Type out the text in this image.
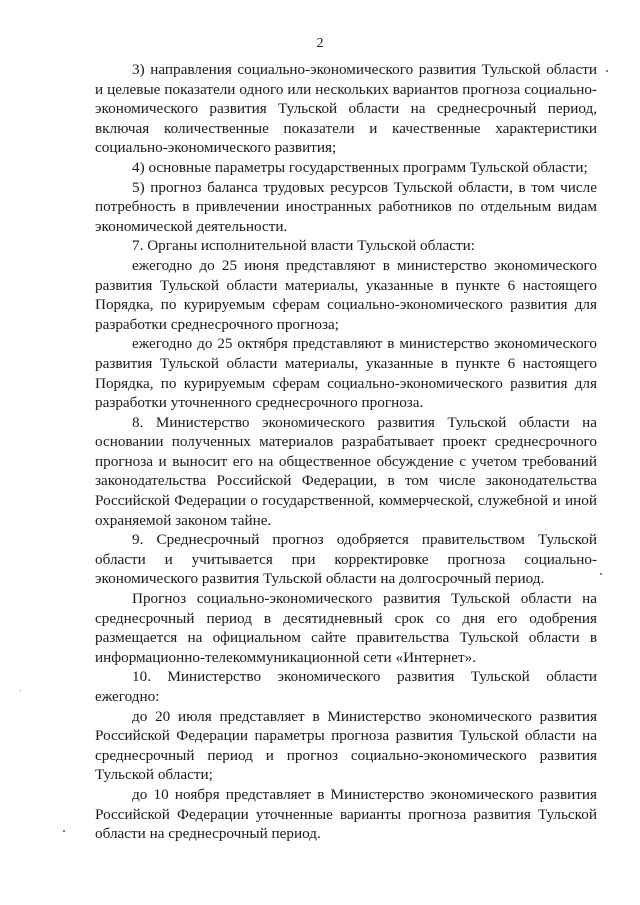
2

3) направления социально-экономического развития Тульской области и целевые показатели одного или нескольких вариантов прогноза социально-экономического развития Тульской области на среднесрочный период, включая количественные показатели и качественные характеристики социально-экономического развития;

4) основные параметры государственных программ Тульской области;

5) прогноз баланса трудовых ресурсов Тульской области, в том числе потребность в привлечении иностранных работников по отдельным видам экономической деятельности.

7. Органы исполнительной власти Тульской области:

ежегодно до 25 июня представляют в министерство экономического развития Тульской области материалы, указанные в пункте 6 настоящего Порядка, по курируемым сферам социально-экономического развития для разработки среднесрочного прогноза;

ежегодно до 25 октября представляют в министерство экономического развития Тульской области материалы, указанные в пункте 6 настоящего Порядка, по курируемым сферам социально-экономического развития для разработки уточненного среднесрочного прогноза.

8. Министерство экономического развития Тульской области на основании полученных материалов разрабатывает проект среднесрочного прогноза и выносит его на общественное обсуждение с учетом требований законодательства Российской Федерации, в том числе законодательства Российской Федерации о государственной, коммерческой, служебной и иной охраняемой законом тайне.

9. Среднесрочный прогноз одобряется правительством Тульской области и учитывается при корректировке прогноза социально-экономического развития Тульской области на долгосрочный период.

Прогноз социально-экономического развития Тульской области на среднесрочный период в десятидневный срок со дня его одобрения размещается на официальном сайте правительства Тульской области в информационно-телекоммуникационной сети «Интернет».

10. Министерство экономического развития Тульской области ежегодно:

до 20 июля представляет в Министерство экономического развития Российской Федерации параметры прогноза развития Тульской области на среднесрочный период и прогноз социально-экономического развития Тульской области;

до 10 ноября представляет в Министерство экономического развития Российской Федерации уточненные варианты прогноза развития Тульской области на среднесрочный период.
